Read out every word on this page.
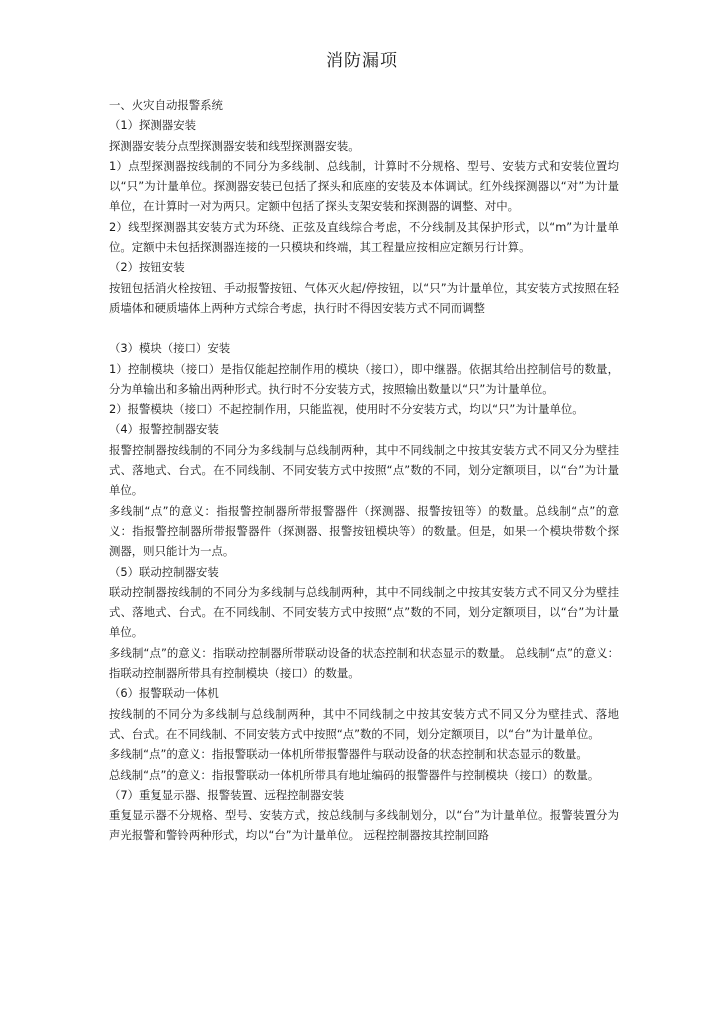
消防漏项

一、火灾自动报警系统

（1）探测器安装

探测器安装分点型探测器安装和线型探测器安装。

1）点型探测器按线制的不同分为多线制、总线制，计算时不分规格、型号、安装方式和安装位置均以“只”为计量单位。探测器安装已包括了探头和底座的安装及本体调试。红外线探测器以“对”为计量单位，在计算时一对为两只。定额中包括了探头支架安装和探测器的调整、对中。

2）线型探测器其安装方式为环绕、正弦及直线综合考虑，不分线制及其保护形式，以“m”为计量单位。定额中未包括探测器连接的一只模块和终端，其工程量应按相应定额另行计算。

（2）按钮安装

按钮包括消火栓按钮、手动报警按钮、气体灭火起/停按钮，以“只”为计量单位，其安装方式按照在轻质墙体和硬质墙体上两种方式综合考虑，执行时不得因安装方式不同而调整

（3）模块（接口）安装

1）控制模块（接口）是指仅能起控制作用的模块（接口），即中继器。依据其给出控制信号的数量，分为单输出和多输出两种形式。执行时不分安装方式，按照输出数量以“只”为计量单位。

2）报警模块（接口）不起控制作用，只能监视，使用时不分安装方式，均以“只”为计量单位。

（4）报警控制器安装

报警控制器按线制的不同分为多线制与总线制两种，其中不同线制之中按其安装方式不同又分为壁挂式、落地式、台式。在不同线制、不同安装方式中按照“点”数的不同，划分定额项目，以“台”为计量单位。

多线制“点”的意义：指报警控制器所带报警器件（探测器、报警按钮等）的数量。总线制“点”的意义：指报警控制器所带报警器件（探测器、报警按钮模块等）的数量。但是，如果一个模块带数个探测器，则只能计为一点。

（5）联动控制器安装

联动控制器按线制的不同分为多线制与总线制两种，其中不同线制之中按其安装方式不同又分为壁挂式、落地式、台式。在不同线制、不同安装方式中按照“点”数的不同，划分定额项目，以“台”为计量单位。

多线制“点”的意义：指联动控制器所带联动设备的状态控制和状态显示的数量。 总线制“点”的意义：指联动控制器所带具有控制模块（接口）的数量。

（6）报警联动一体机

按线制的不同分为多线制与总线制两种，其中不同线制之中按其安装方式不同又分为壁挂式、落地式、台式。在不同线制、不同安装方式中按照“点”数的不同，划分定额项目，以“台”为计量单位。

多线制“点”的意义：指报警联动一体机所带报警器件与联动设备的状态控制和状态显示的数量。

总线制“点”的意义：指报警联动一体机所带具有地址编码的报警器件与控制模块（接口）的数量。

（7）重复显示器、报警装置、远程控制器安装

重复显示器不分规格、型号、安装方式，按总线制与多线制划分，以“台”为计量单位。报警装置分为声光报警和警铃两种形式，均以“台”为计量单位。 远程控制器按其控制回路
